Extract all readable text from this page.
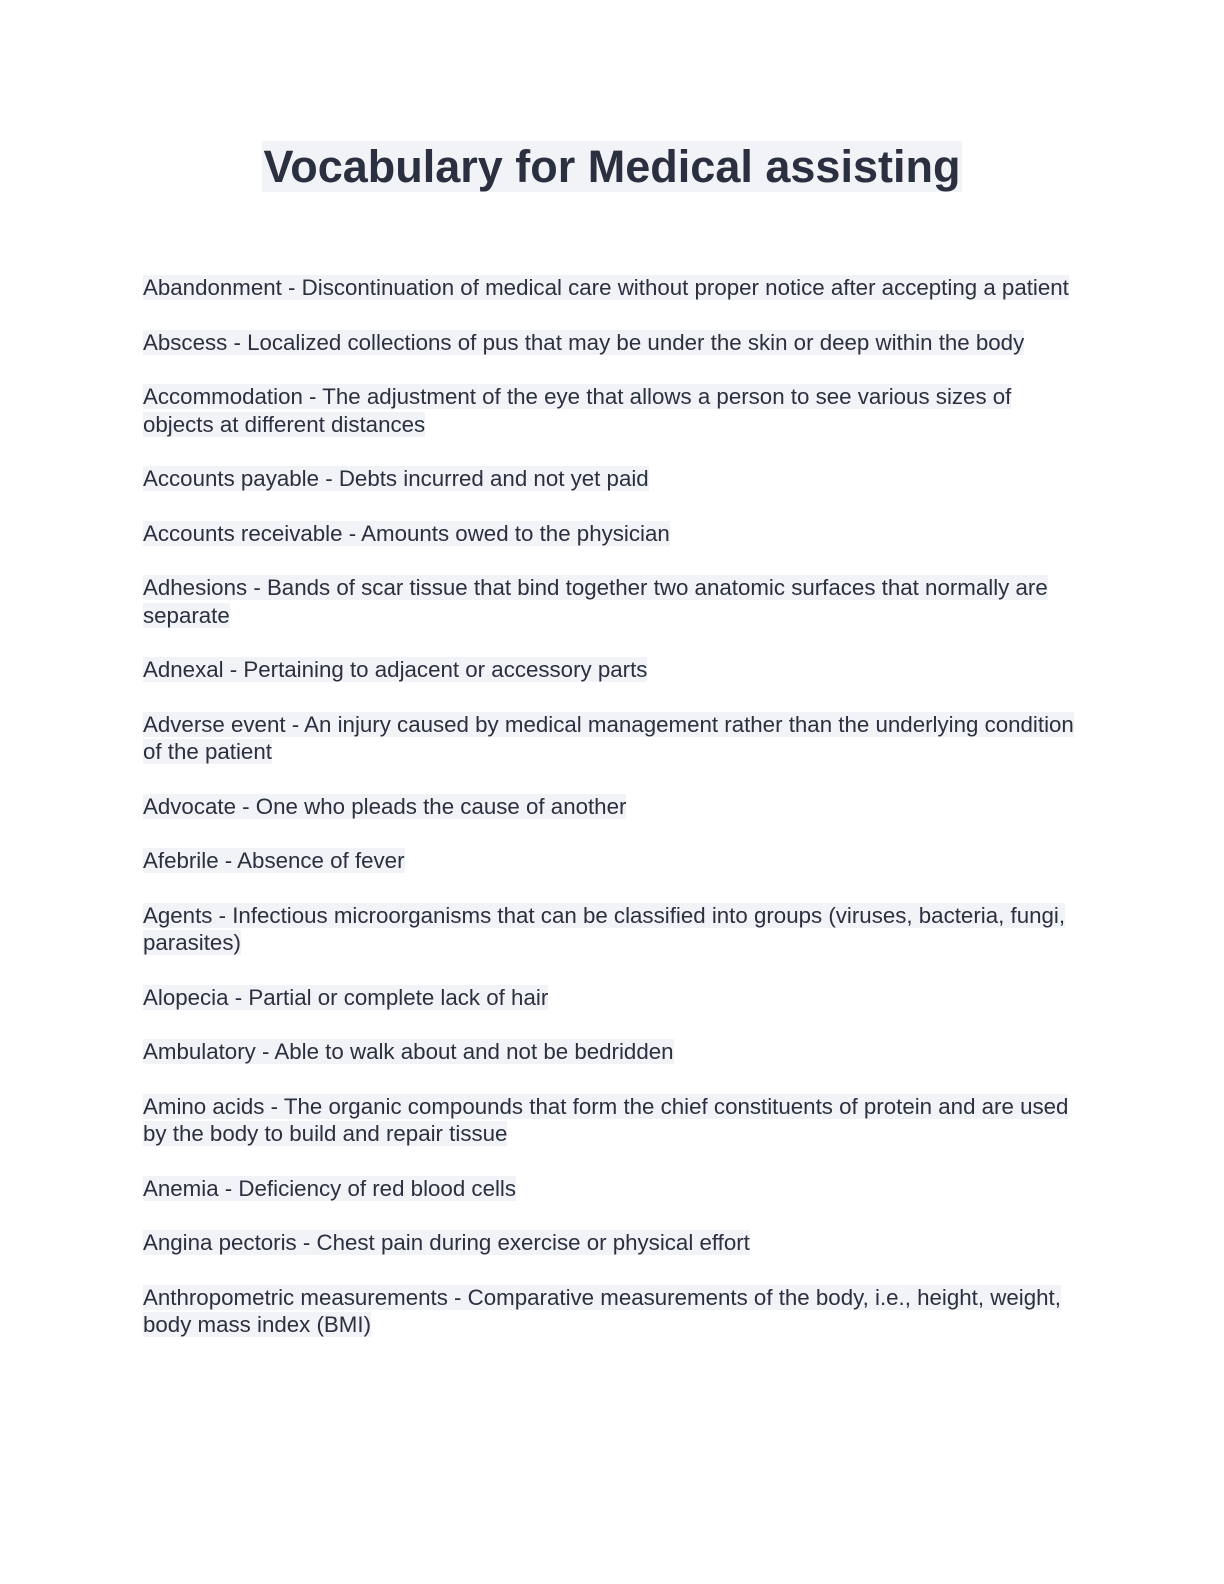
Vocabulary for Medical assisting

Abandonment - Discontinuation of medical care without proper notice after accepting a patient

Abscess - Localized collections of pus that may be under the skin or deep within the body

Accommodation - The adjustment of the eye that allows a person to see various sizes of objects at different distances

Accounts payable - Debts incurred and not yet paid

Accounts receivable - Amounts owed to the physician

Adhesions - Bands of scar tissue that bind together two anatomic surfaces that normally are separate

Adnexal - Pertaining to adjacent or accessory parts

Adverse event - An injury caused by medical management rather than the underlying condition of the patient

Advocate - One who pleads the cause of another

Afebrile - Absence of fever

Agents - Infectious microorganisms that can be classified into groups (viruses, bacteria, fungi, parasites)

Alopecia - Partial or complete lack of hair

Ambulatory - Able to walk about and not be bedridden

Amino acids - The organic compounds that form the chief constituents of protein and are used by the body to build and repair tissue

Anemia - Deficiency of red blood cells

Angina pectoris - Chest pain during exercise or physical effort

Anthropometric measurements - Comparative measurements of the body, i.e., height, weight, body mass index (BMI)
